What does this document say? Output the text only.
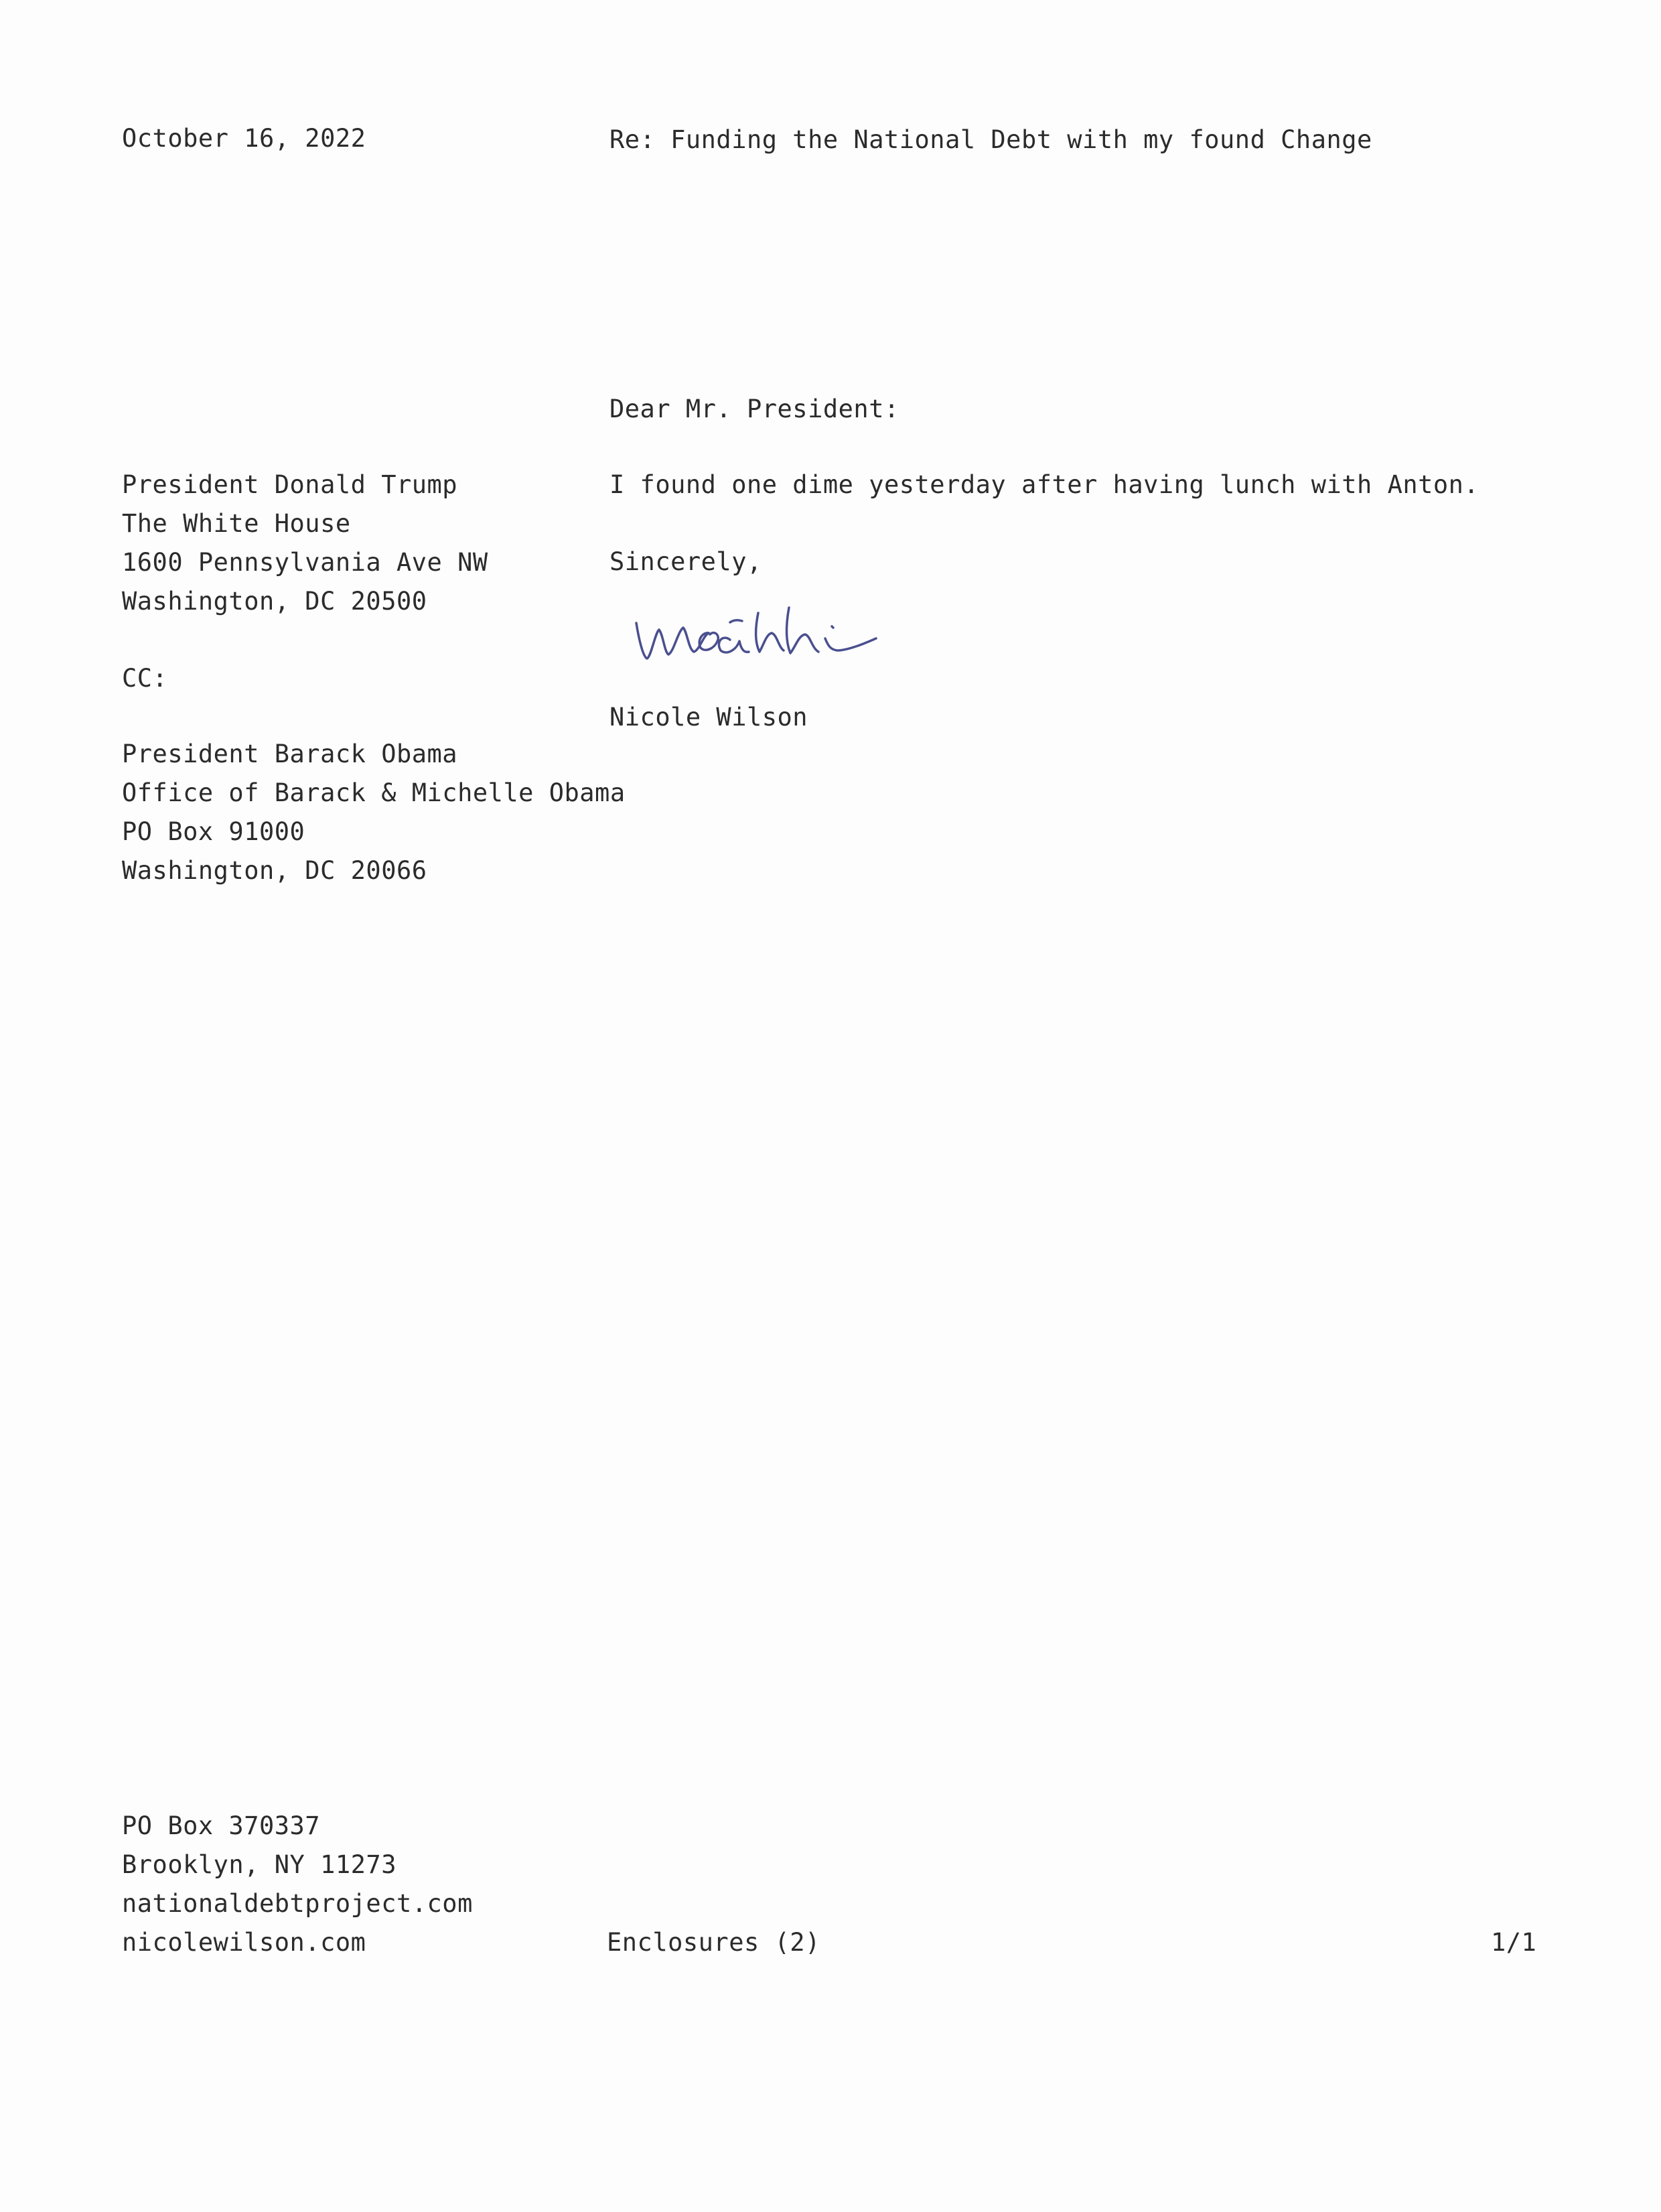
October 16, 2022	Re: Funding the National Debt with my found Change
Dear Mr. President:
President Donald Trump
The White House
1600 Pennsylvania Ave NW
Washington, DC 20500
I found one dime yesterday after having lunch with Anton.
Sincerely,
Nicole Wilson
CC:
President Barack Obama
Office of Barack & Michelle Obama
PO Box 91000
Washington, DC 20066
PO Box 370337
Brooklyn, NY 11273
nationaldebtproject.com
nicolewilson.com	Enclosures (2)	1/1
